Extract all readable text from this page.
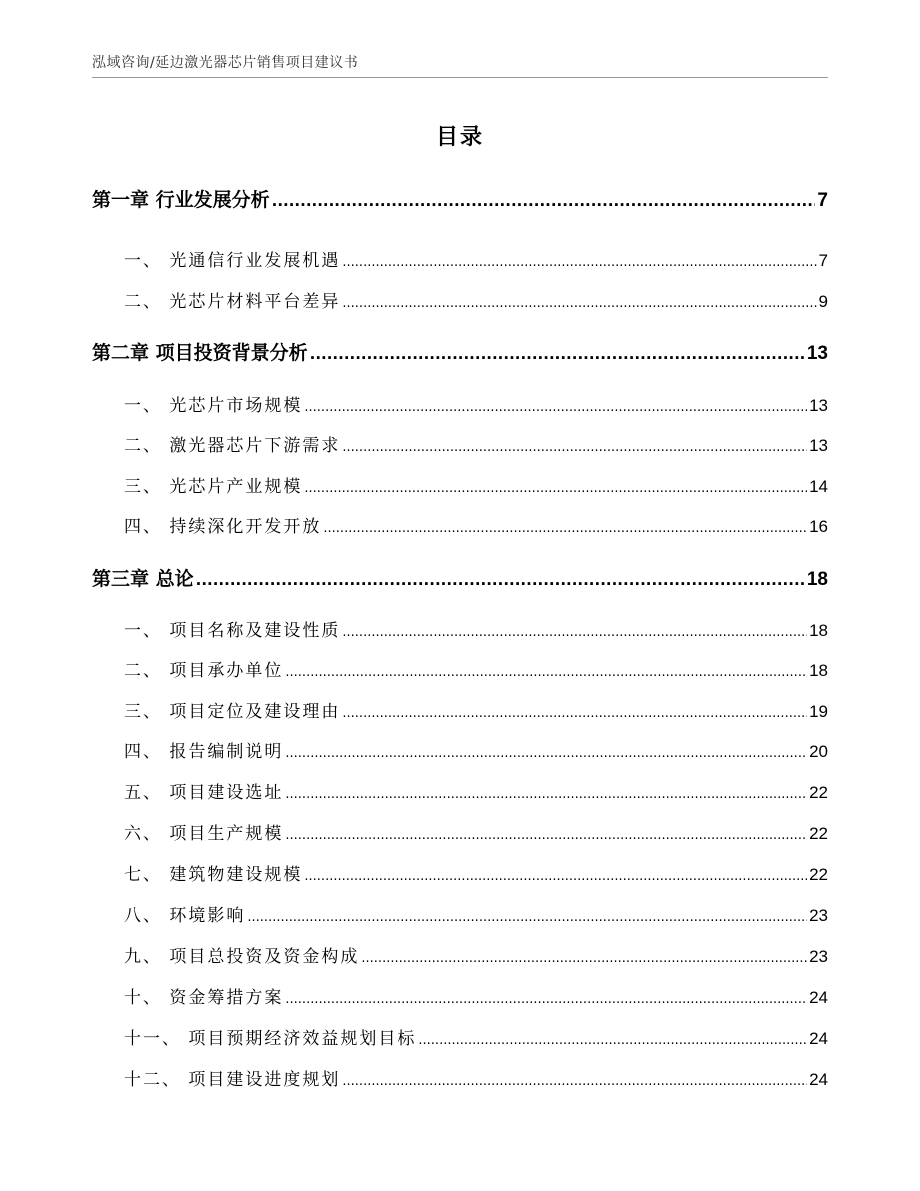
泓域咨询/延边激光器芯片销售项目建议书
目录
第一章 行业发展分析 .....	7
一、 光通信行业发展机遇 .....	7
二、 光芯片材料平台差异 .....	9
第二章 项目投资背景分析 .....	13
一、 光芯片市场规模 .....	13
二、 激光器芯片下游需求 .....	13
三、 光芯片产业规模 .....	14
四、 持续深化开发开放 .....	16
第三章 总论 .....	18
一、 项目名称及建设性质 .....	18
二、 项目承办单位 .....	18
三、 项目定位及建设理由 .....	19
四、 报告编制说明 .....	20
五、 项目建设选址 .....	22
六、 项目生产规模 .....	22
七、 建筑物建设规模 .....	22
八、 环境影响 .....	23
九、 项目总投资及资金构成 .....	23
十、 资金筹措方案 .....	24
十一、 项目预期经济效益规划目标 .....	24
十二、 项目建设进度规划 .....	24
